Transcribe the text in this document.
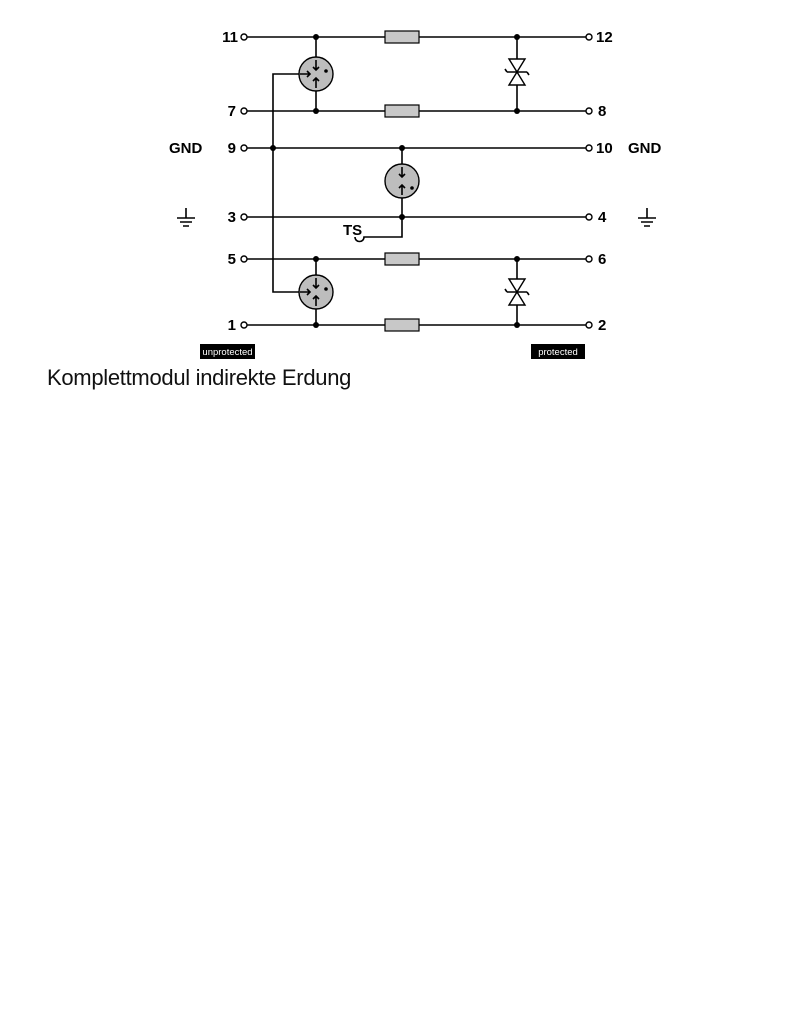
11
7
9
3
5
1
12
8
10
4
6
2
GND	GND
TS
unprotected	protected
Komplettmodul indirekte Erdung
